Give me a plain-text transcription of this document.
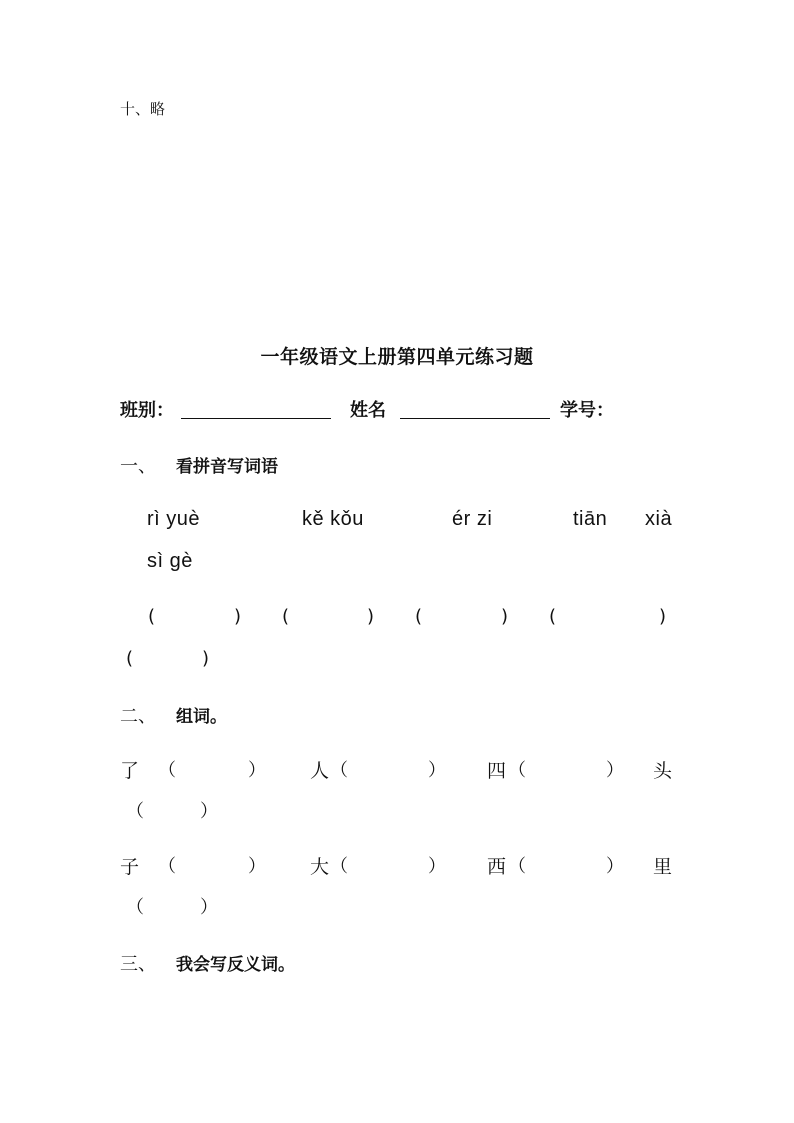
十、略
一年级语文上册第四单元练习题
班别：	姓名	学号：
一、 看拼音写词语
rì yuè	kě kǒu	ér zi	tiān xià
sì gè
(	) (	) (	) (	)
(	)
二、 组词。
了 （	） 人 （	） 四 （	） 头
（	）
子 （	） 大 （	） 西 （	） 里
（	）
三、 我会写反义词。
